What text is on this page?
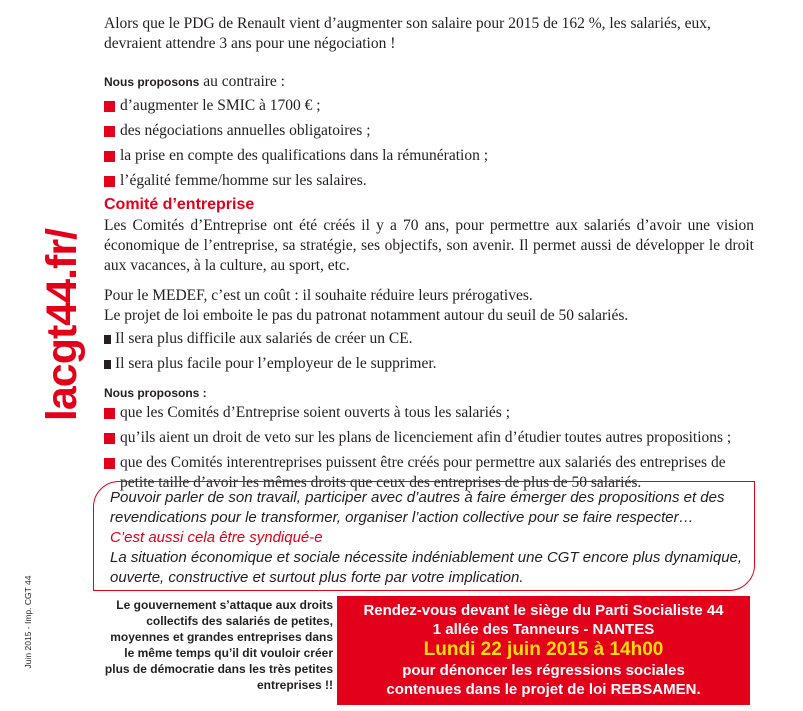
lacgt44.fr/
Juin 2015 - Imp. CGT 44

Alors que le PDG de Renault vient d’augmenter son salaire pour 2015 de 162 %, les salariés, eux, devraient attendre 3 ans pour une négociation !

Nous proposons au contraire :

d’augmenter le SMIC à 1700 € ;

des négociations annuelles obligatoires ;

la prise en compte des qualifications dans la rémunération ;

l’égalité femme/homme sur les salaires.

Comité d’entreprise

Les Comités d’Entreprise ont été créés il y a 70 ans, pour permettre aux salariés d’avoir une vision économique de l’entreprise, sa stratégie, ses objectifs, son avenir. Il permet aussi de développer le droit aux vacances, à la culture, au sport, etc.

Pour le MEDEF, c’est un coût : il souhaite réduire leurs prérogatives.

Le projet de loi emboite le pas du patronat notamment autour du seuil de 50 salariés.

Il sera plus difficile aux salariés de créer un CE.

Il sera plus facile pour l’employeur de le supprimer.

Nous proposons :

que les Comités d’Entreprise soient ouverts à tous les salariés ;

qu’ils aient un droit de veto sur les plans de licenciement afin d’étudier toutes autres propositions ;

que des Comités interentreprises puissent être créés pour permettre aux salariés des entreprises de petite taille d’avoir les mêmes droits que ceux des entreprises de plus de 50 salariés.

Pouvoir parler de son travail, participer avec d’autres à faire émerger des propositions et des revendications pour le transformer, organiser l’action collective pour se faire respecter…
C’est aussi cela être syndiqué-e
La situation économique et sociale nécessite indéniablement une CGT encore plus dynamique, ouverte, constructive et surtout plus forte par votre implication.
Le gouvernement s’attaque aux droits collectifs des salariés de petites, moyennes et grandes entreprises dans le même temps qu’il dit vouloir créer plus de démocratie dans les très petites entreprises !!
Rendez-vous devant le siège du Parti Socialiste 44
1 allée des Tanneurs - NANTES
Lundi 22 juin 2015 à 14h00
pour dénoncer les régressions sociales
contenues dans le projet de loi REBSAMEN.
